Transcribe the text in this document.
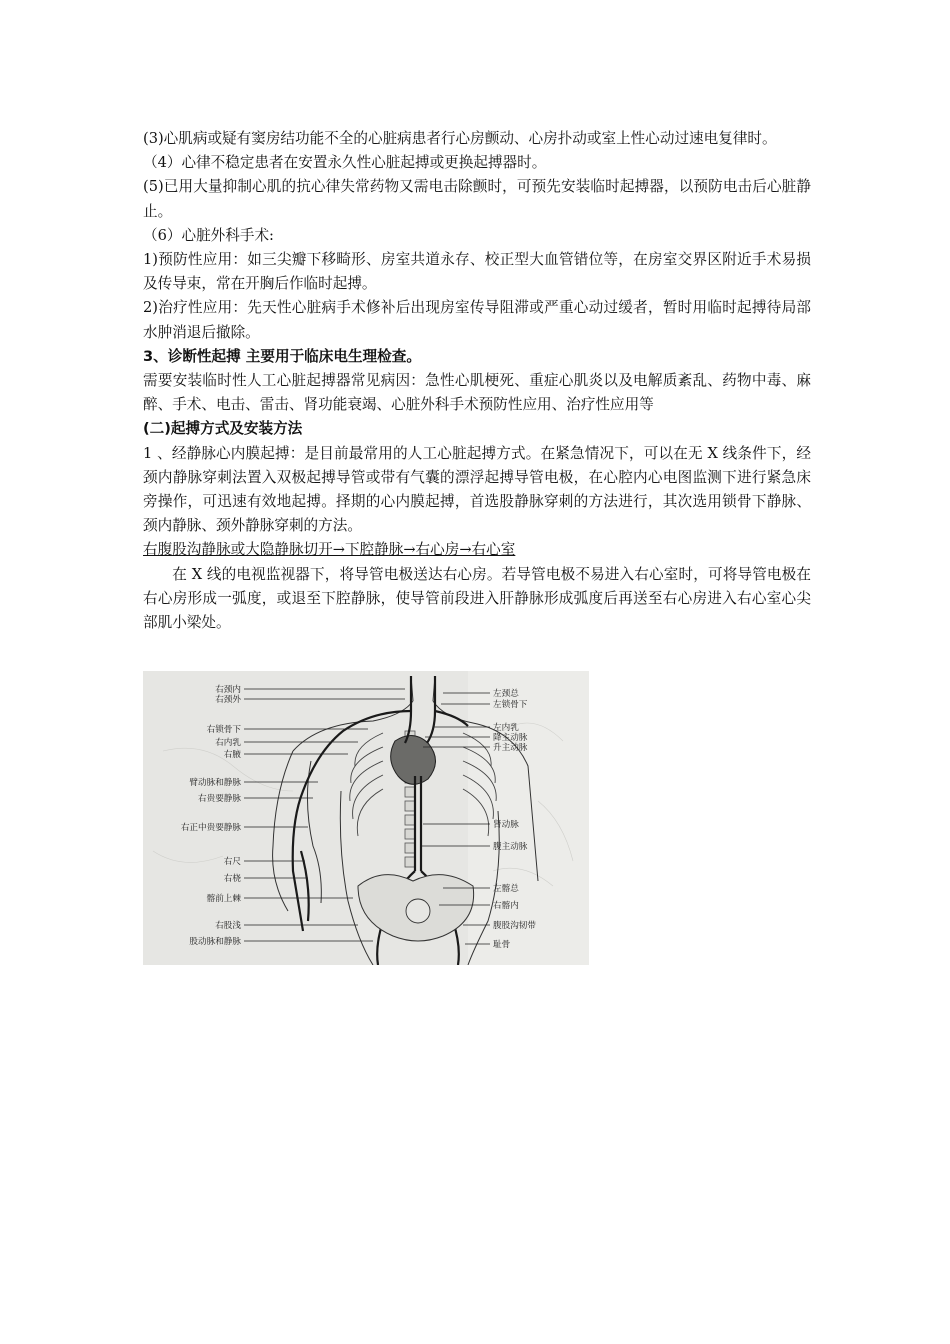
(3)心肌病或疑有窦房结功能不全的心脏病患者行心房颤动、心房扑动或室上性心动过速电复律时。

（4）心律不稳定患者在安置永久性心脏起搏或更换起搏器时。

(5)已用大量抑制心肌的抗心律失常药物又需电击除颤时，可预先安装临时起搏器，以预防电击后心脏静止。

（6）心脏外科手术:

1)预防性应用：如三尖瓣下移畸形、房室共道永存、校正型大血管错位等，在房室交界区附近手术易损及传导束，常在开胸后作临时起搏。

2)治疗性应用：先天性心脏病手术修补后出现房室传导阻滞或严重心动过缓者，暂时用临时起搏待局部水肿消退后撤除。

3、诊断性起搏 主要用于临床电生理检查。

需要安装临时性人工心脏起搏器常见病因：急性心肌梗死、重症心肌炎以及电解质紊乱、药物中毒、麻醉、手术、电击、雷击、肾功能衰竭、心脏外科手术预防性应用、治疗性应用等

(二)起搏方式及安装方法

1 、经静脉心内膜起搏：是目前最常用的人工心脏起搏方式。在紧急情况下，可以在无 X 线条件下，经颈内静脉穿刺法置入双极起搏导管或带有气囊的漂浮起搏导管电极，在心腔内心电图监测下进行紧急床旁操作，可迅速有效地起搏。择期的心内膜起搏，首选股静脉穿刺的方法进行，其次选用锁骨下静脉、颈内静脉、颈外静脉穿刺的方法。

右腹股沟静脉或大隐静脉切开→下腔静脉→右心房→右心室

在 X 线的电视监视器下，将导管电极送达右心房。若导管电极不易进入右心室时，可将导管电极在右心房形成一弧度，或退至下腔静脉，使导管前段进入肝静脉形成弧度后再送至右心房进入右心室心尖部肌小梁处。

右颈内
右颈外
右锁骨下
右内乳
右腋
臂动脉和静脉
右贵要静脉
右正中贵要静脉
右尺
右桡
髂前上棘
右股浅
股动脉和静脉
左颈总
左锁骨下
左内乳
降主动脉
升主动脉
肾动脉
腹主动脉
左髂总
右髂内
腹股沟韧带
耻骨
